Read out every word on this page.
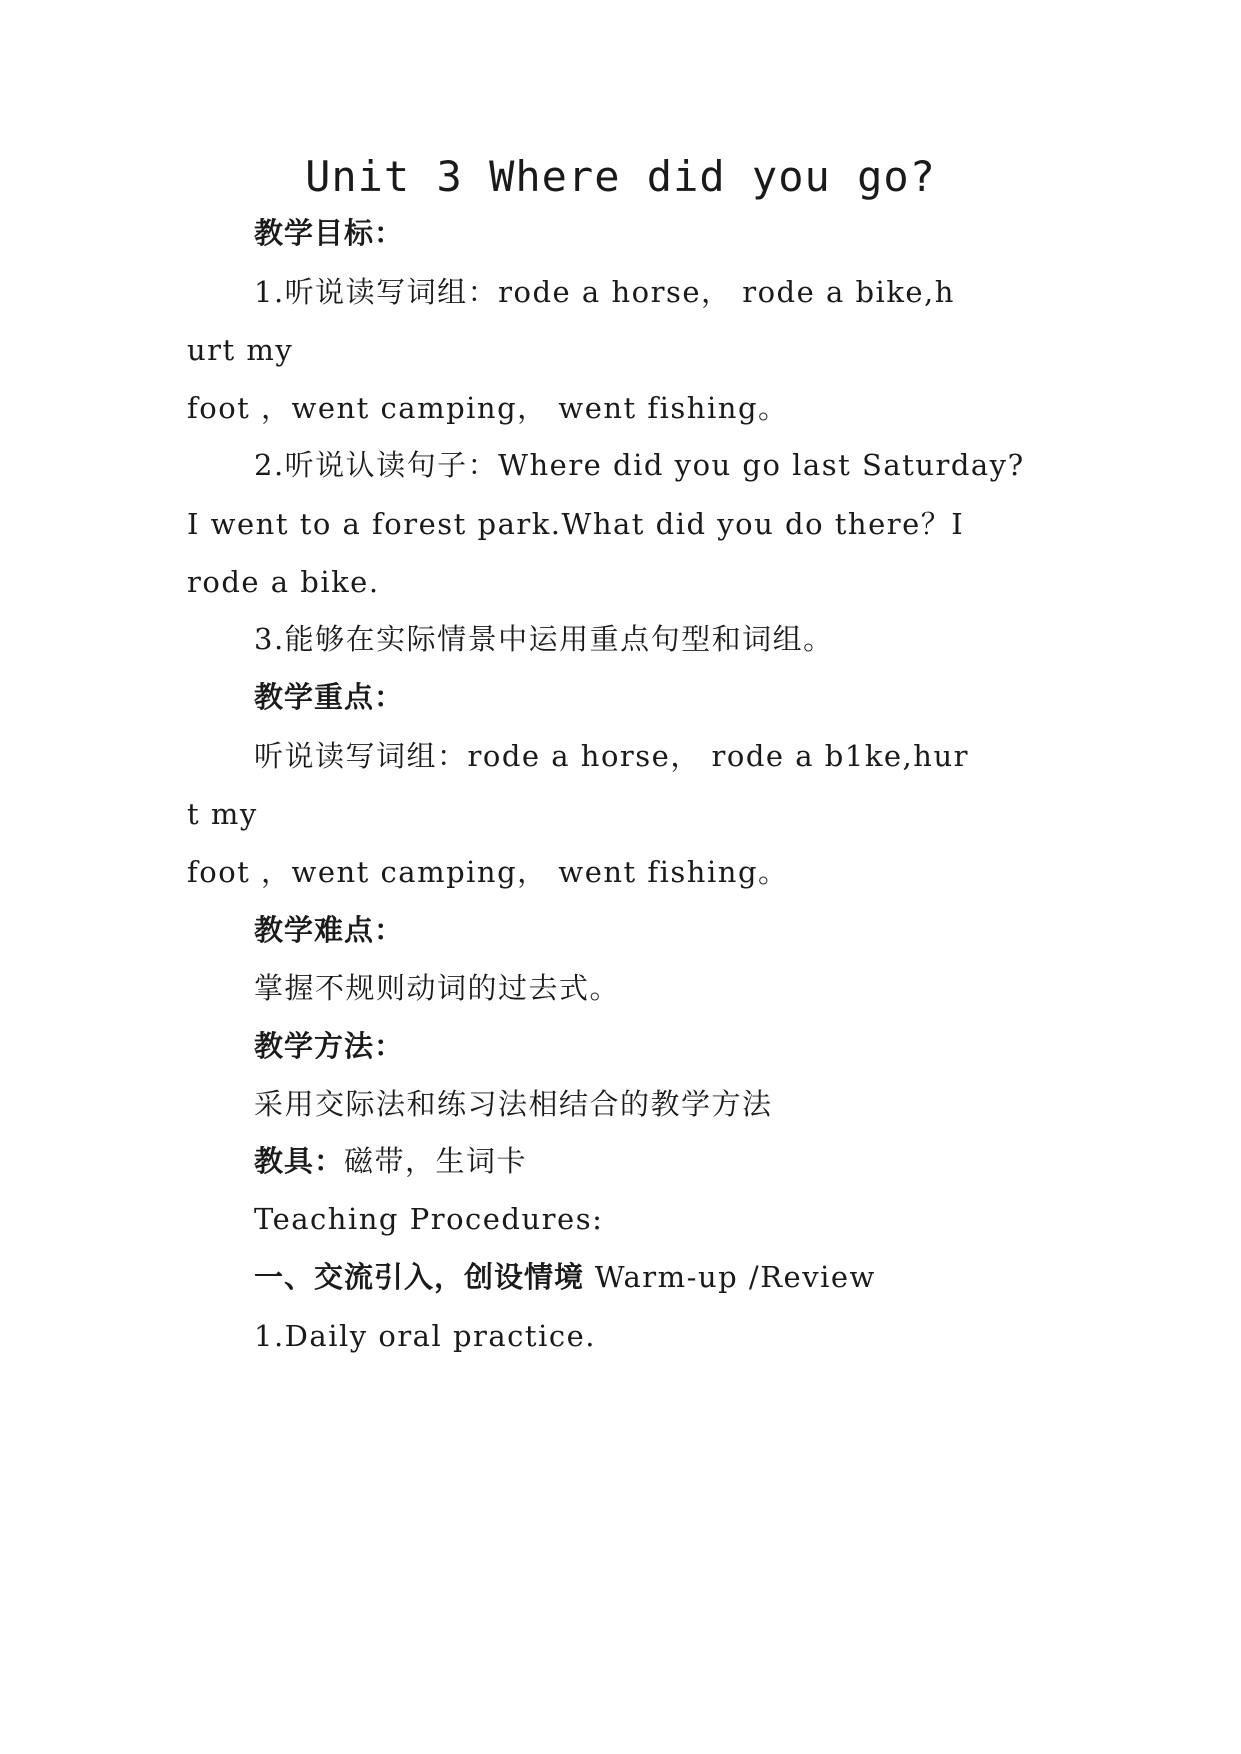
Unit 3 Where did you go?
教学目标：
1.听说读写词组：rode a horse， rode a bike,h
urt my
foot ，went camping， went fishing。
2.听说认读句子：Where did you go last Saturday?
I went to a forest park.What did you do there？I
rode a bike.
3.能够在实际情景中运用重点句型和词组。
教学重点：
听说读写词组：rode a horse， rode a b1ke,hur
t my
foot ，went camping， went fishing。
教学难点：
掌握不规则动词的过去式。
教学方法：
采用交际法和练习法相结合的教学方法
教具：磁带，生词卡
Teaching Procedures:
一、交流引入，创设情境 Warm-up /Review
1.Daily oral practice.
